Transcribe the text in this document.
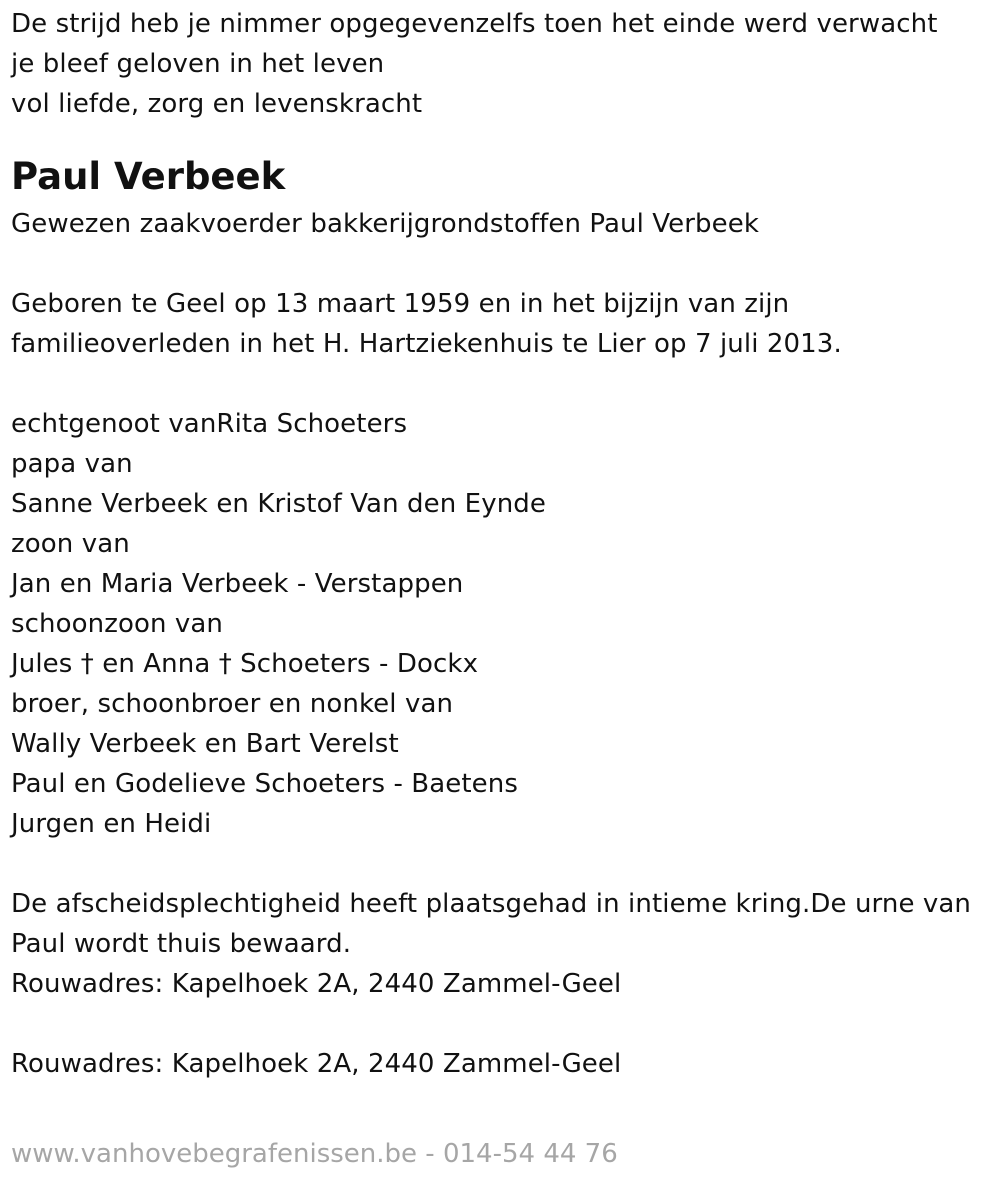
De strijd heb je nimmer opgegevenzelfs toen het einde werd verwacht
je bleef geloven in het leven
vol liefde, zorg en levenskracht
Paul Verbeek
Gewezen zaakvoerder bakkerijgrondstoffen Paul Verbeek
Geboren te Geel op 13 maart 1959 en in het bijzijn van zijn
familieoverleden in het H. Hartziekenhuis te Lier op 7 juli 2013.
echtgenoot vanRita Schoeters
papa van
Sanne Verbeek en Kristof Van den Eynde
zoon van
Jan en Maria Verbeek - Verstappen
schoonzoon van
Jules † en Anna † Schoeters - Dockx
broer, schoonbroer en nonkel van
Wally Verbeek en Bart Verelst
Paul en Godelieve Schoeters - Baetens
Jurgen en Heidi
De afscheidsplechtigheid heeft plaatsgehad in intieme kring.De urne van
Paul wordt thuis bewaard.
Rouwadres: Kapelhoek 2A, 2440 Zammel-Geel
Rouwadres: Kapelhoek 2A, 2440 Zammel-Geel
www.vanhovebegrafenissen.be - 014-54 44 76
